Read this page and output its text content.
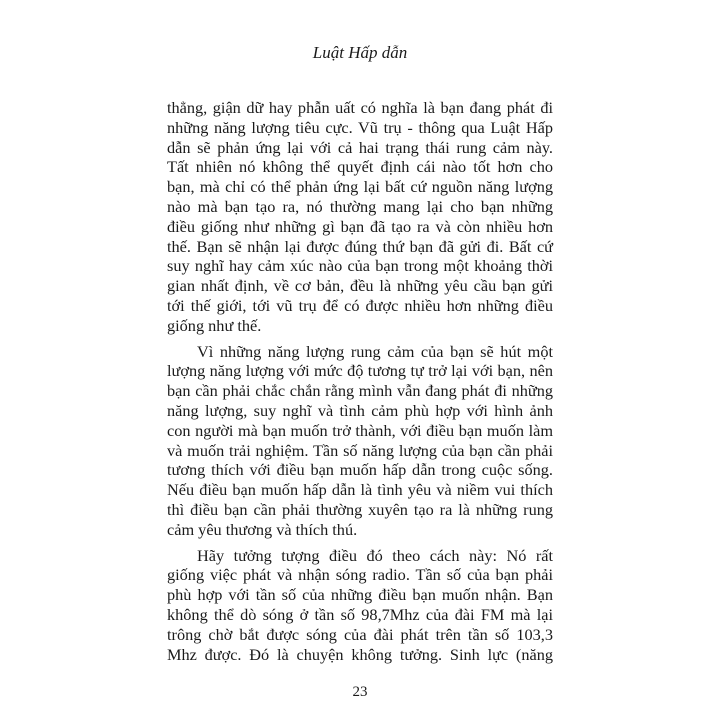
Luật Hấp dẫn
thẳng, giận dữ hay phẫn uất có nghĩa là bạn đang phát đi
những năng lượng tiêu cực. Vũ trụ - thông qua Luật Hấp
dẫn sẽ phản ứng lại với cả hai trạng thái rung cảm này.
Tất nhiên nó không thể quyết định cái nào tốt hơn cho
bạn, mà chỉ có thể phản ứng lại bất cứ nguồn năng lượng
nào mà bạn tạo ra, nó thường mang lại cho bạn những
điều giống như những gì bạn đã tạo ra và còn nhiều hơn
thế. Bạn sẽ nhận lại được đúng thứ bạn đã gửi đi. Bất cứ
suy nghĩ hay cảm xúc nào của bạn trong một khoảng thời
gian nhất định, về cơ bản, đều là những yêu cầu bạn gửi
tới thế giới, tới vũ trụ để có được nhiều hơn những điều
giống như thế.
Vì những năng lượng rung cảm của bạn sẽ hút một
lượng năng lượng với mức độ tương tự trở lại với bạn, nên
bạn cần phải chắc chắn rằng mình vẫn đang phát đi những
năng lượng, suy nghĩ và tình cảm phù hợp với hình ảnh
con người mà bạn muốn trở thành, với điều bạn muốn làm
và muốn trải nghiệm. Tần số năng lượng của bạn cần phải
tương thích với điều bạn muốn hấp dẫn trong cuộc sống.
Nếu điều bạn muốn hấp dẫn là tình yêu và niềm vui thích
thì điều bạn cần phải thường xuyên tạo ra là những rung
cảm yêu thương và thích thú.
Hãy tưởng tượng điều đó theo cách này: Nó rất
giống việc phát và nhận sóng radio. Tần số của bạn phải
phù hợp với tần số của những điều bạn muốn nhận. Bạn
không thể dò sóng ở tần số 98,7Mhz của đài FM mà lại
trông chờ bắt được sóng của đài phát trên tần số 103,3
Mhz được. Đó là chuyện không tưởng. Sinh lực (năng
23
